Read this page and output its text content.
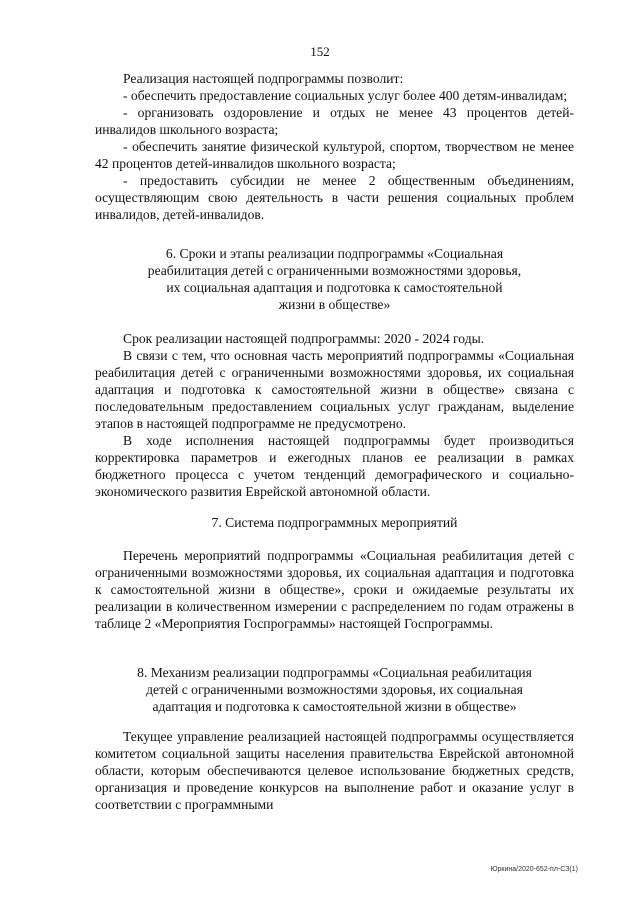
152

Реализация настоящей подпрограммы позволит:

- обеспечить предоставление социальных услуг более 400 детям-инвалидам;

- организовать оздоровление и отдых не менее 43 процентов детей-инвалидов школьного возраста;

- обеспечить занятие физической культурой, спортом, творчеством не менее 42 процентов детей-инвалидов школьного возраста;

- предоставить субсидии не менее 2 общественным объединениям, осуществляющим свою деятельность в части решения социальных проблем инвалидов, детей-инвалидов.

6. Сроки и этапы реализации подпрограммы «Социальная
реабилитация детей с ограниченными возможностями здоровья,
их социальная адаптация и подготовка к самостоятельной
жизни в обществе»

Срок реализации настоящей подпрограммы: 2020 - 2024 годы.

В связи с тем, что основная часть мероприятий подпрограммы «Социальная реабилитация детей с ограниченными возможностями здоровья, их социальная адаптация и подготовка к самостоятельной жизни в обществе» связана с последовательным предоставлением социальных услуг гражданам, выделение этапов в настоящей подпрограмме не предусмотрено.

В ходе исполнения настоящей подпрограммы будет производиться корректировка параметров и ежегодных планов ее реализации в рамках бюджетного процесса с учетом тенденций демографического и социально-экономического развития Еврейской автономной области.

7. Система подпрограммных мероприятий

Перечень мероприятий подпрограммы «Социальная реабилитация детей с ограниченными возможностями здоровья, их социальная адаптация и подготовка к самостоятельной жизни в обществе», сроки и ожидаемые результаты их реализации в количественном измерении с распределением по годам отражены в таблице 2 «Мероприятия Госпрограммы» настоящей Госпрограммы.

8. Механизм реализации подпрограммы «Социальная реабилитация
детей с ограниченными возможностями здоровья, их социальная
адаптация и подготовка к самостоятельной жизни в обществе»

Текущее управление реализацией настоящей подпрограммы осуществляется комитетом социальной защиты населения правительства Еврейской автономной области, которым обеспечиваются целевое использование бюджетных средств, организация и проведение конкурсов на выполнение работ и оказание услуг в соответствии с программными

Юркина/2020-652-пл-СЗ(1)
